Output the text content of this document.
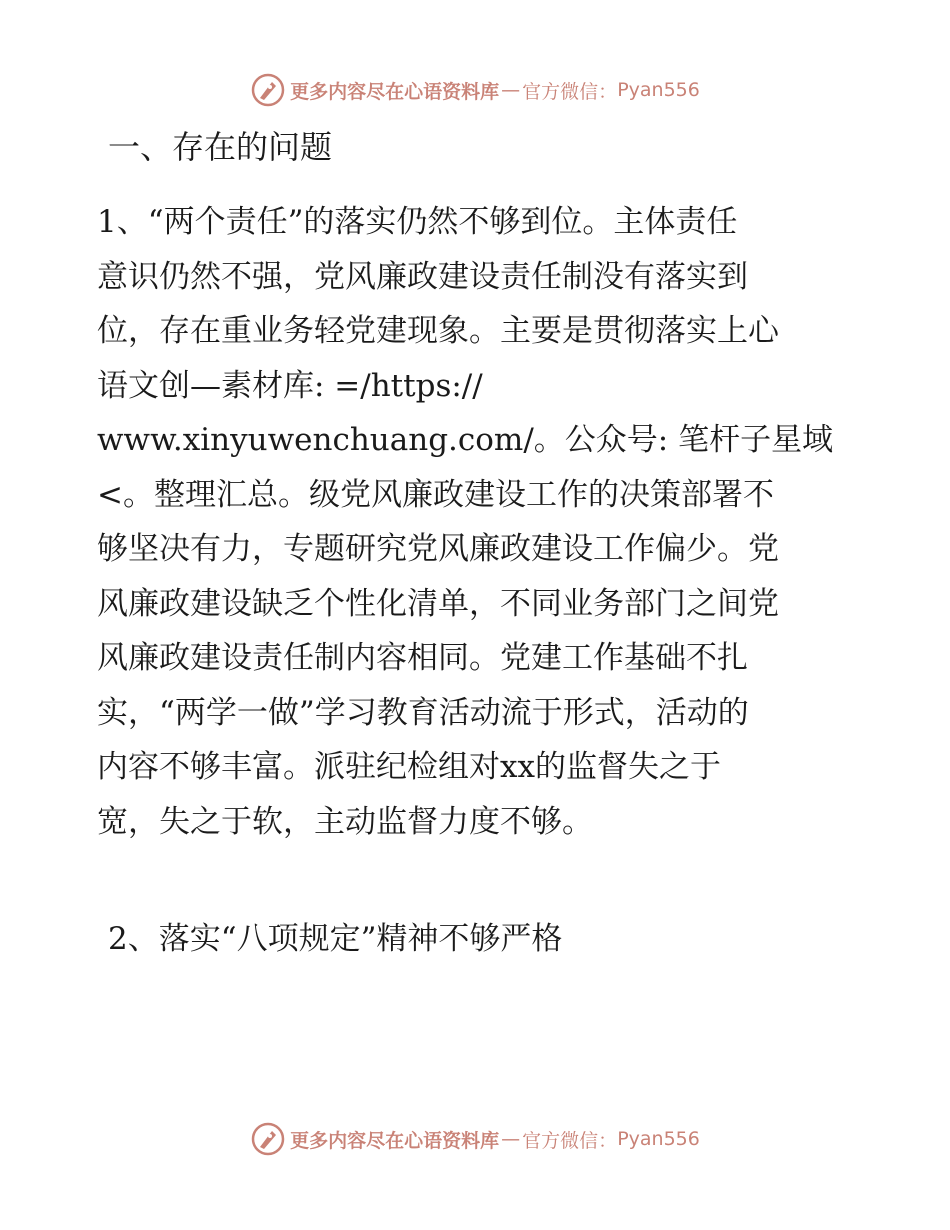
更多内容尽在心语资料库 — 官方微信： Pyan556
一、存在的问题
1、“两个责任”的落实仍然不够到位。主体责任
意识仍然不强，党风廉政建设责任制没有落实到
位，存在重业务轻党建现象。主要是贯彻落实上心
语文创—素材库: =/https://
www.xinyuwenchuang.com/。公众号: 笔杆子星域
<。整理汇总。级党风廉政建设工作的决策部署不
够坚决有力，专题研究党风廉政建设工作偏少。党
风廉政建设缺乏个性化清单，不同业务部门之间党
风廉政建设责任制内容相同。党建工作基础不扎
实，“两学一做”学习教育活动流于形式，活动的
内容不够丰富。派驻纪检组对xx的监督失之于
宽，失之于软，主动监督力度不够。

2、落实“八项规定”精神不够严格

更多内容尽在心语资料库 — 官方微信： Pyan556
